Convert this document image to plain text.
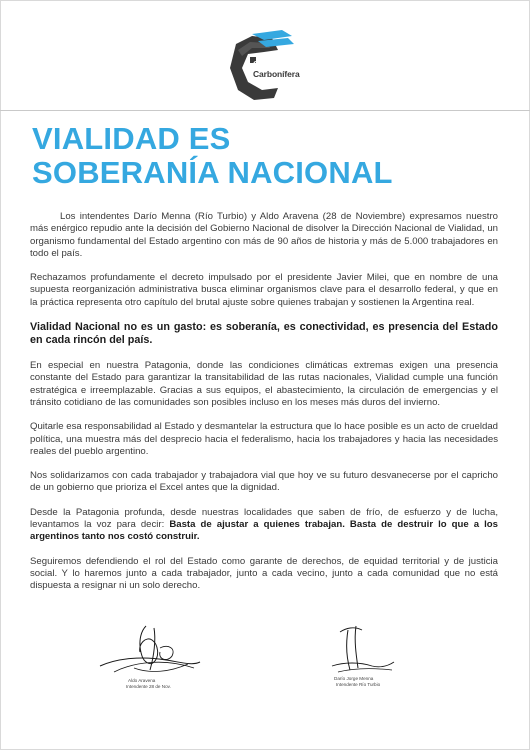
Cuenca
Carbonífera
VIALIDAD ES
SOBERANÍA NACIONAL

Los intendentes Darío Menna (Río Turbio) y Aldo Aravena (28 de Noviembre) expresamos nuestro más enérgico repudio ante la decisión del Gobierno Nacional de disolver la Dirección Nacional de Vialidad, un organismo fundamental del Estado argentino con más de 90 años de historia y más de 5.000 trabajadores en todo el país.

Rechazamos profundamente el decreto impulsado por el presidente Javier Milei, que en nombre de una supuesta reorganización administrativa busca eliminar organismos clave para el desarrollo federal, y que en la práctica representa otro capítulo del brutal ajuste sobre quienes trabajan y sostienen la Argentina real.

Vialidad Nacional no es un gasto: es soberanía, es conectividad, es presencia del Estado en cada rincón del país.

En especial en nuestra Patagonia, donde las condiciones climáticas extremas exigen una presencia constante del Estado para garantizar la transitabilidad de las rutas nacionales, Vialidad cumple una función estratégica e irreemplazable. Gracias a sus equipos, el abastecimiento, la circulación de emergencias y el tránsito cotidiano de las comunidades son posibles incluso en los meses más duros del invierno.

Quitarle esa responsabilidad al Estado y desmantelar la estructura que lo hace posible es un acto de crueldad política, una muestra más del desprecio hacia el federalismo, hacia los trabajadores y hacia las necesidades reales del pueblo argentino.

Nos solidarizamos con cada trabajador y trabajadora vial que hoy ve su futuro desvanecerse por el capricho de un gobierno que prioriza el Excel antes que la dignidad.

Desde la Patagonia profunda, desde nuestras localidades que saben de frío, de esfuerzo y de lucha, levantamos la voz para decir: Basta de ajustar a quienes trabajan. Basta de destruir lo que a los argentinos tanto nos costó construir.

Seguiremos defendiendo el rol del Estado como garante de derechos, de equidad territorial y de justicia social. Y lo haremos junto a cada trabajador, junto a cada vecino, junto a cada comunidad que no está dispuesta a resignar ni un solo derecho.

Aldo Aravena
Intendente 28 de Nov.
Darío Jorge Menna
Intendente Río Turbio
